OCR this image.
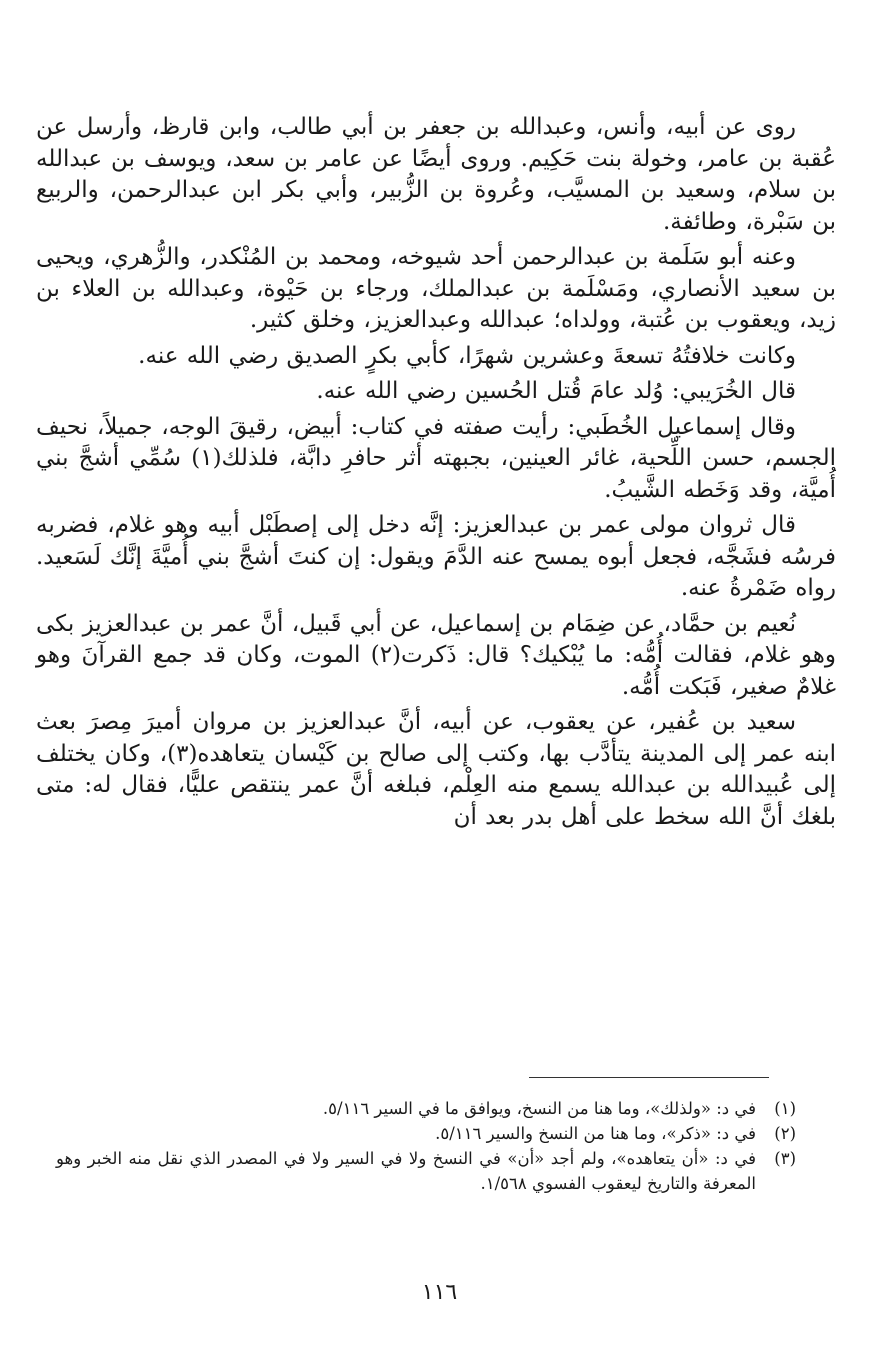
روى عن أبيه، وأنس، وعبدالله بن جعفر بن أبي طالب، وابن قارظ، وأرسل عن عُقبة بن عامر، وخولة بنت حَكِيم. وروى أيضًا عن عامر بن سعد، ويوسف بن عبدالله بن سلام، وسعيد بن المسيَّب، وعُروة بن الزُّبير، وأبي بكر ابن عبدالرحمن، والربيع بن سَبْرة، وطائفة.

وعنه أبو سَلَمة بن عبدالرحمن أحد شيوخه، ومحمد بن المُنْكدر، والزُّهري، ويحيى بن سعيد الأنصاري، ومَسْلَمة بن عبدالملك، ورجاء بن حَيْوة، وعبدالله بن العلاء بن زيد، ويعقوب بن عُتبة، وولداه؛ عبدالله وعبدالعزيز، وخلق كثير.

وكانت خلافتُهُ تسعةَ وعشرين شهرًا، كأبي بكرٍ الصديق رضي الله عنه.

قال الخُرَيبي: وُلد عامَ قُتل الحُسين رضي الله عنه.

وقال إسماعيل الخُطَبي: رأيت صفته في كتاب: أبيض، رقيقَ الوجه، جميلاً، نحيف الجسم، حسن اللِّحية، غائر العينين، بجبهته أثر حافرِ دابَّة، فلذلك(١) سُمِّي أشجَّ بني أُميَّة، وقد وَخَطه الشَّيبُ.

قال ثروان مولى عمر بن عبدالعزيز: إنَّه دخل إلى إصطَبْل أبيه وهو غلام، فضربه فرسُه فشَجَّه، فجعل أبوه يمسح عنه الدَّمَ ويقول: إن كنتَ أشجَّ بني أُميَّةَ إنَّك لَسَعيد. رواه ضَمْرةُ عنه.

نُعيم بن حمَّاد، عن ضِمَام بن إسماعيل، عن أبي قَبيل، أنَّ عمر بن عبدالعزيز بكى وهو غلام، فقالت أُمُّه: ما يُبْكيك؟ قال: ذَكرت(٢) الموت، وكان قد جمع القرآنَ وهو غلامٌ صغير، فَبَكت أُمُّه.

سعيد بن عُفير، عن يعقوب، عن أبيه، أنَّ عبدالعزيز بن مروان أميرَ مِصرَ بعث ابنه عمر إلى المدينة يتأدَّب بها، وكتب إلى صالح بن كَيْسان يتعاهده(٣)، وكان يختلف إلى عُبيدالله بن عبدالله يسمع منه العِلْم، فبلغه أنَّ عمر ينتقص عليًّا، فقال له: متى بلغك أنَّ الله سخط على أهل بدر بعد أن

(١)
في د: «ولذلك»، وما هنا من النسخ، ويوافق ما في السير ٥/١١٦.
(٢)
في د: «ذكر»، وما هنا من النسخ والسير ٥/١١٦.
(٣)
في د: «أن يتعاهده»، ولم أجد «أن» في النسخ ولا في السير ولا في المصدر الذي نقل منه الخبر وهو المعرفة والتاريخ ليعقوب الفسوي ١/٥٦٨.
١١٦
